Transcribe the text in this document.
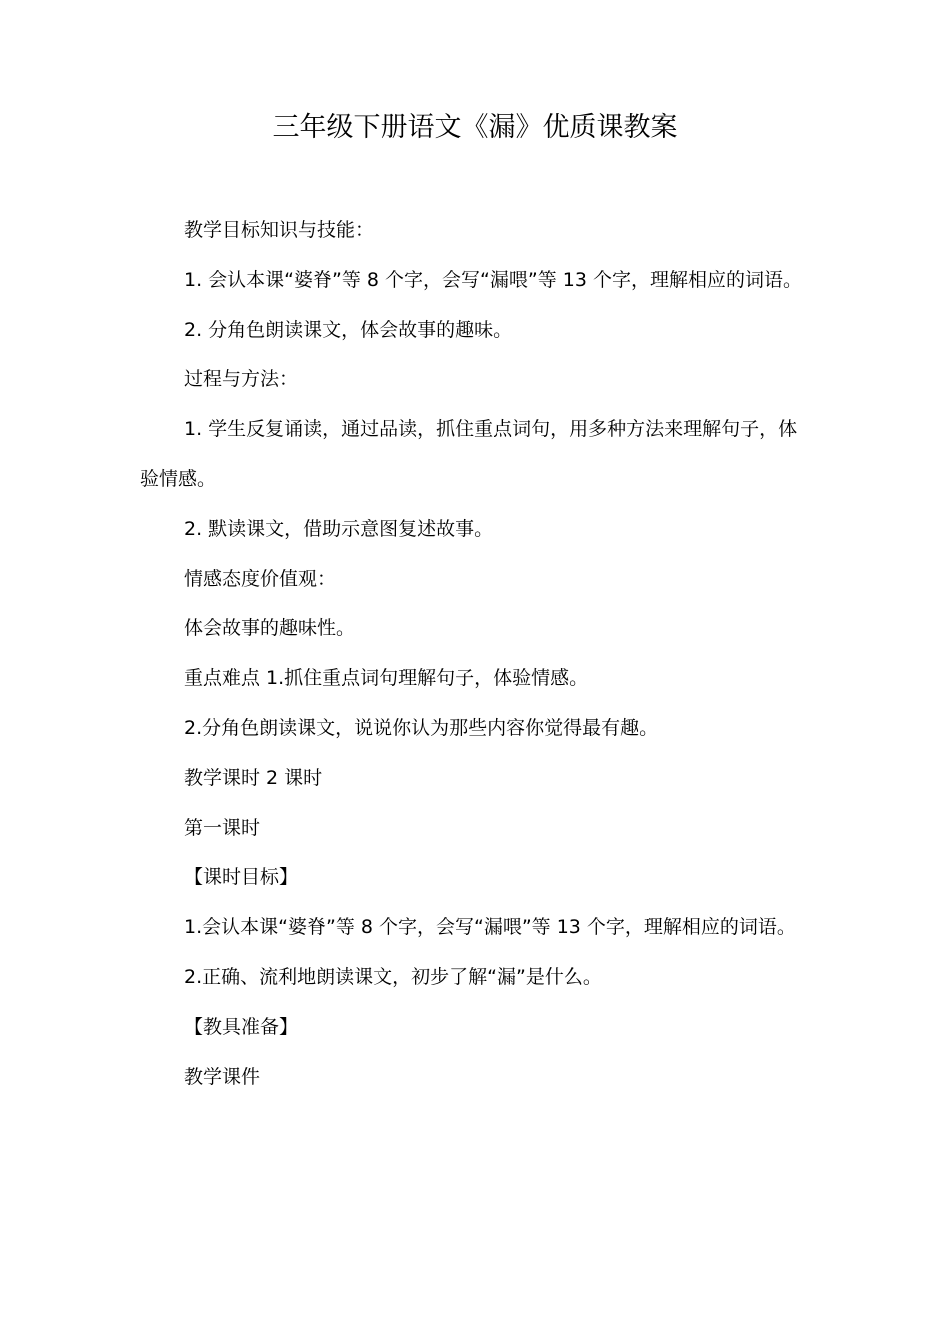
三年级下册语文《漏》优质课教案

教学目标知识与技能：

1. 会认本课“婆脊”等 8 个字，会写“漏喂”等 13 个字，理解相应的词语。

2. 分角色朗读课文，体会故事的趣味。

过程与方法：

1. 学生反复诵读，通过品读，抓住重点词句，用多种方法来理解句子，体验情感。

2. 默读课文，借助示意图复述故事。

情感态度价值观：

体会故事的趣味性。

重点难点 1.抓住重点词句理解句子，体验情感。

2.分角色朗读课文，说说你认为那些内容你觉得最有趣。

教学课时 2 课时

第一课时

【课时目标】

1.会认本课“婆脊”等 8 个字，会写“漏喂”等 13 个字，理解相应的词语。

2.正确、流利地朗读课文，初步了解“漏”是什么。

【教具准备】

教学课件
